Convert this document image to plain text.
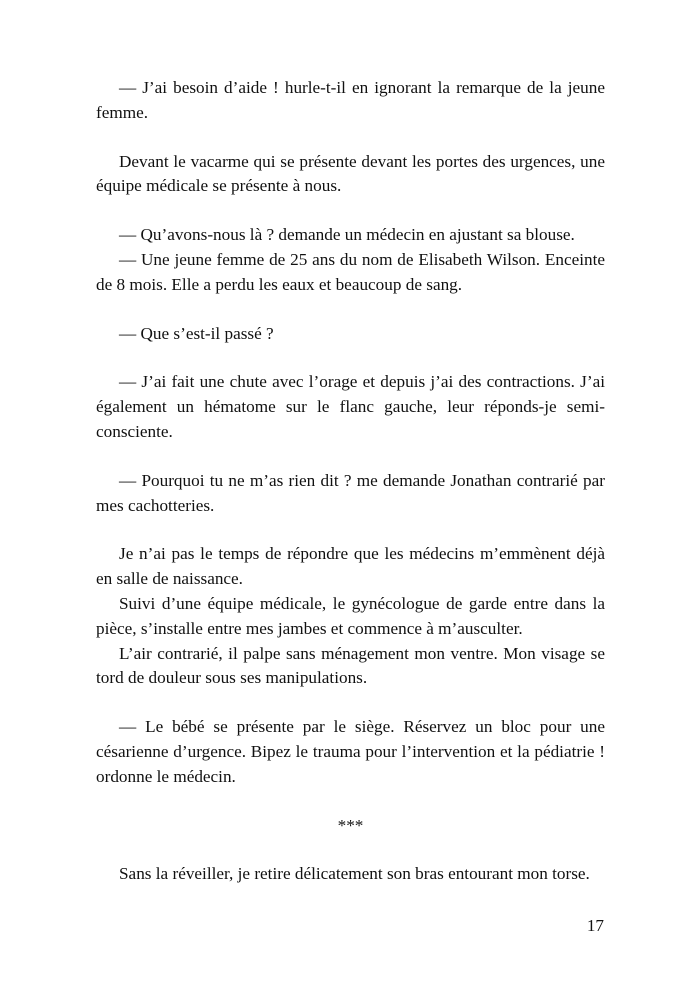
— J’ai besoin d’aide ! hurle-t-il en ignorant la remarque de la jeune femme.

Devant le vacarme qui se présente devant les portes des urgences, une équipe médicale se présente à nous.

— Qu’avons-nous là ? demande un médecin en ajustant sa blouse.

— Une jeune femme de 25 ans du nom de Elisabeth Wilson. Enceinte de 8 mois. Elle a perdu les eaux et beaucoup de sang.

— Que s’est-il passé ?

— J’ai fait une chute avec l’orage et depuis j’ai des contractions. J’ai également un hématome sur le flanc gauche, leur réponds-je semi-consciente.

— Pourquoi tu ne m’as rien dit ? me demande Jonathan contrarié par mes cachotteries.

Je n’ai pas le temps de répondre que les médecins m’emmènent déjà en salle de naissance.

Suivi d’une équipe médicale, le gynécologue de garde entre dans la pièce, s’installe entre mes jambes et commence à m’ausculter.

L’air contrarié, il palpe sans ménagement mon ventre. Mon visage se tord de douleur sous ses manipulations.

— Le bébé se présente par le siège. Réservez un bloc pour une césarienne d’urgence. Bipez le trauma pour l’intervention et la pédiatrie ! ordonne le médecin.

***

Sans la réveiller, je retire délicatement son bras entourant mon torse.

17
